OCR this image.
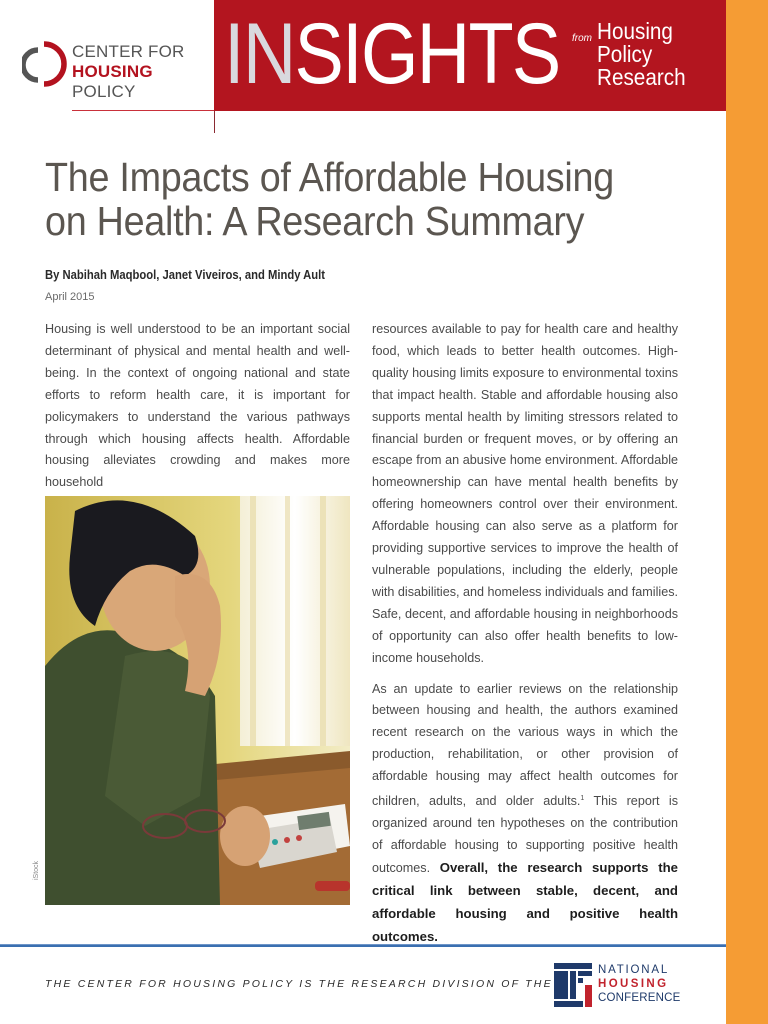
CENTER FOR
HOUSING POLICY	INSIGHTS from Housing
Policy
Research
The Impacts of Affordable Housing on Health: A Research Summary
By Nabihah Maqbool, Janet Viveiros, and Mindy Ault
April 2015
Housing is well understood to be an important social determinant of physical and mental health and well-being. In the context of ongoing national and state efforts to reform health care, it is important for policymakers to understand the various pathways through which housing affects health. Affordable housing alleviates crowding and makes more household
iStock
resources available to pay for health care and healthy food, which leads to better health outcomes. High-quality housing limits exposure to environmental toxins that impact health. Stable and affordable housing also supports mental health by limiting stressors related to financial burden or frequent moves, or by offering an escape from an abusive home environment. Affordable homeownership can have mental health benefits by offering homeowners control over their environment. Affordable housing can also serve as a platform for providing supportive services to improve the health of vulnerable populations, including the elderly, people with disabilities, and homeless individuals and families. Safe, decent, and affordable housing in neighborhoods of opportunity can also offer health benefits to low-income households.
As an update to earlier reviews on the relationship between housing and health, the authors examined recent research on the various ways in which the production, rehabilitation, or other provision of affordable housing may affect health outcomes for children, adults, and older adults.$^1$ This report is organized around ten hypotheses on the contribution of affordable housing to supporting positive health outcomes. Overall, the research supports the critical link between stable, decent, and affordable housing and positive health outcomes.
THE CENTER FOR HOUSING POLICY IS THE RESEARCH DIVISION OF THE
NATIONAL
HOUSING
CONFERENCE
